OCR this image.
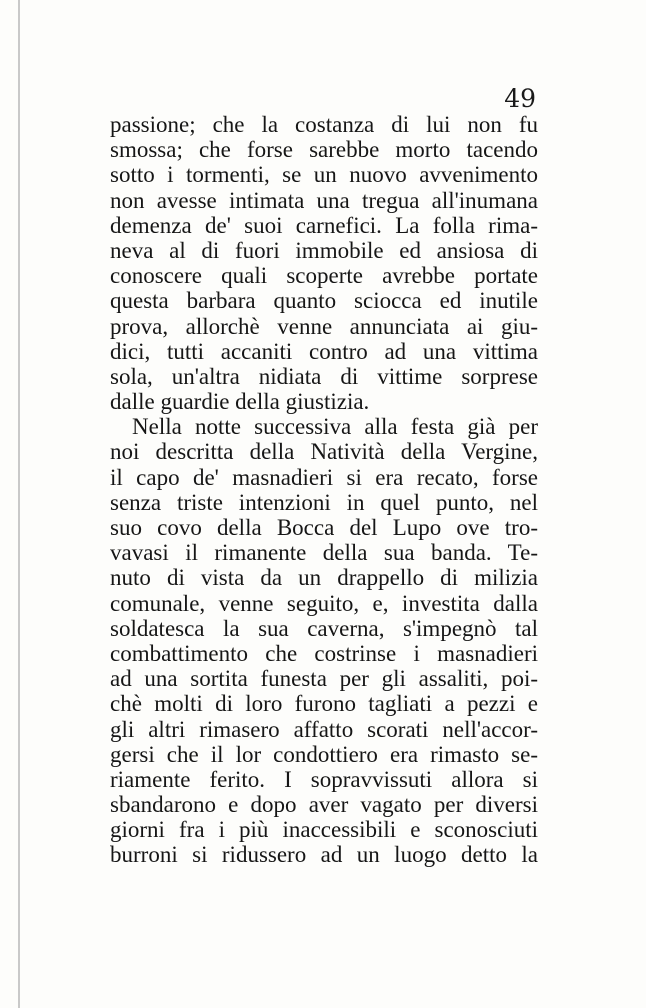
49
passione; che la costanza di lui non fu
smossa; che forse sarebbe morto tacendo
sotto i tormenti, se un nuovo avvenimento
non avesse intimata una tregua all'inumana
demenza de' suoi carnefici. La folla rima-
neva al di fuori immobile ed ansiosa di
conoscere quali scoperte avrebbe portate
questa barbara quanto sciocca ed inutile
prova, allorchè venne annunciata ai giu-
dici, tutti accaniti contro ad una vittima
sola, un'altra nidiata di vittime sorprese
dalle guardie della giustizia.
Nella notte successiva alla festa già per
noi descritta della Natività della Vergine,
il capo de' masnadieri si era recato, forse
senza triste intenzioni in quel punto, nel
suo covo della Bocca del Lupo ove tro-
vavasi il rimanente della sua banda. Te-
nuto di vista da un drappello di milizia
comunale, venne seguito, e, investita dalla
soldatesca la sua caverna, s'impegnò tal
combattimento che costrinse i masnadieri
ad una sortita funesta per gli assaliti, poi-
chè molti di loro furono tagliati a pezzi e
gli altri rimasero affatto scorati nell'accor-
gersi che il lor condottiero era rimasto se-
riamente ferito. I sopravvissuti allora si
sbandarono e dopo aver vagato per diversi
giorni fra i più inaccessibili e sconosciuti
burroni si ridussero ad un luogo detto la
